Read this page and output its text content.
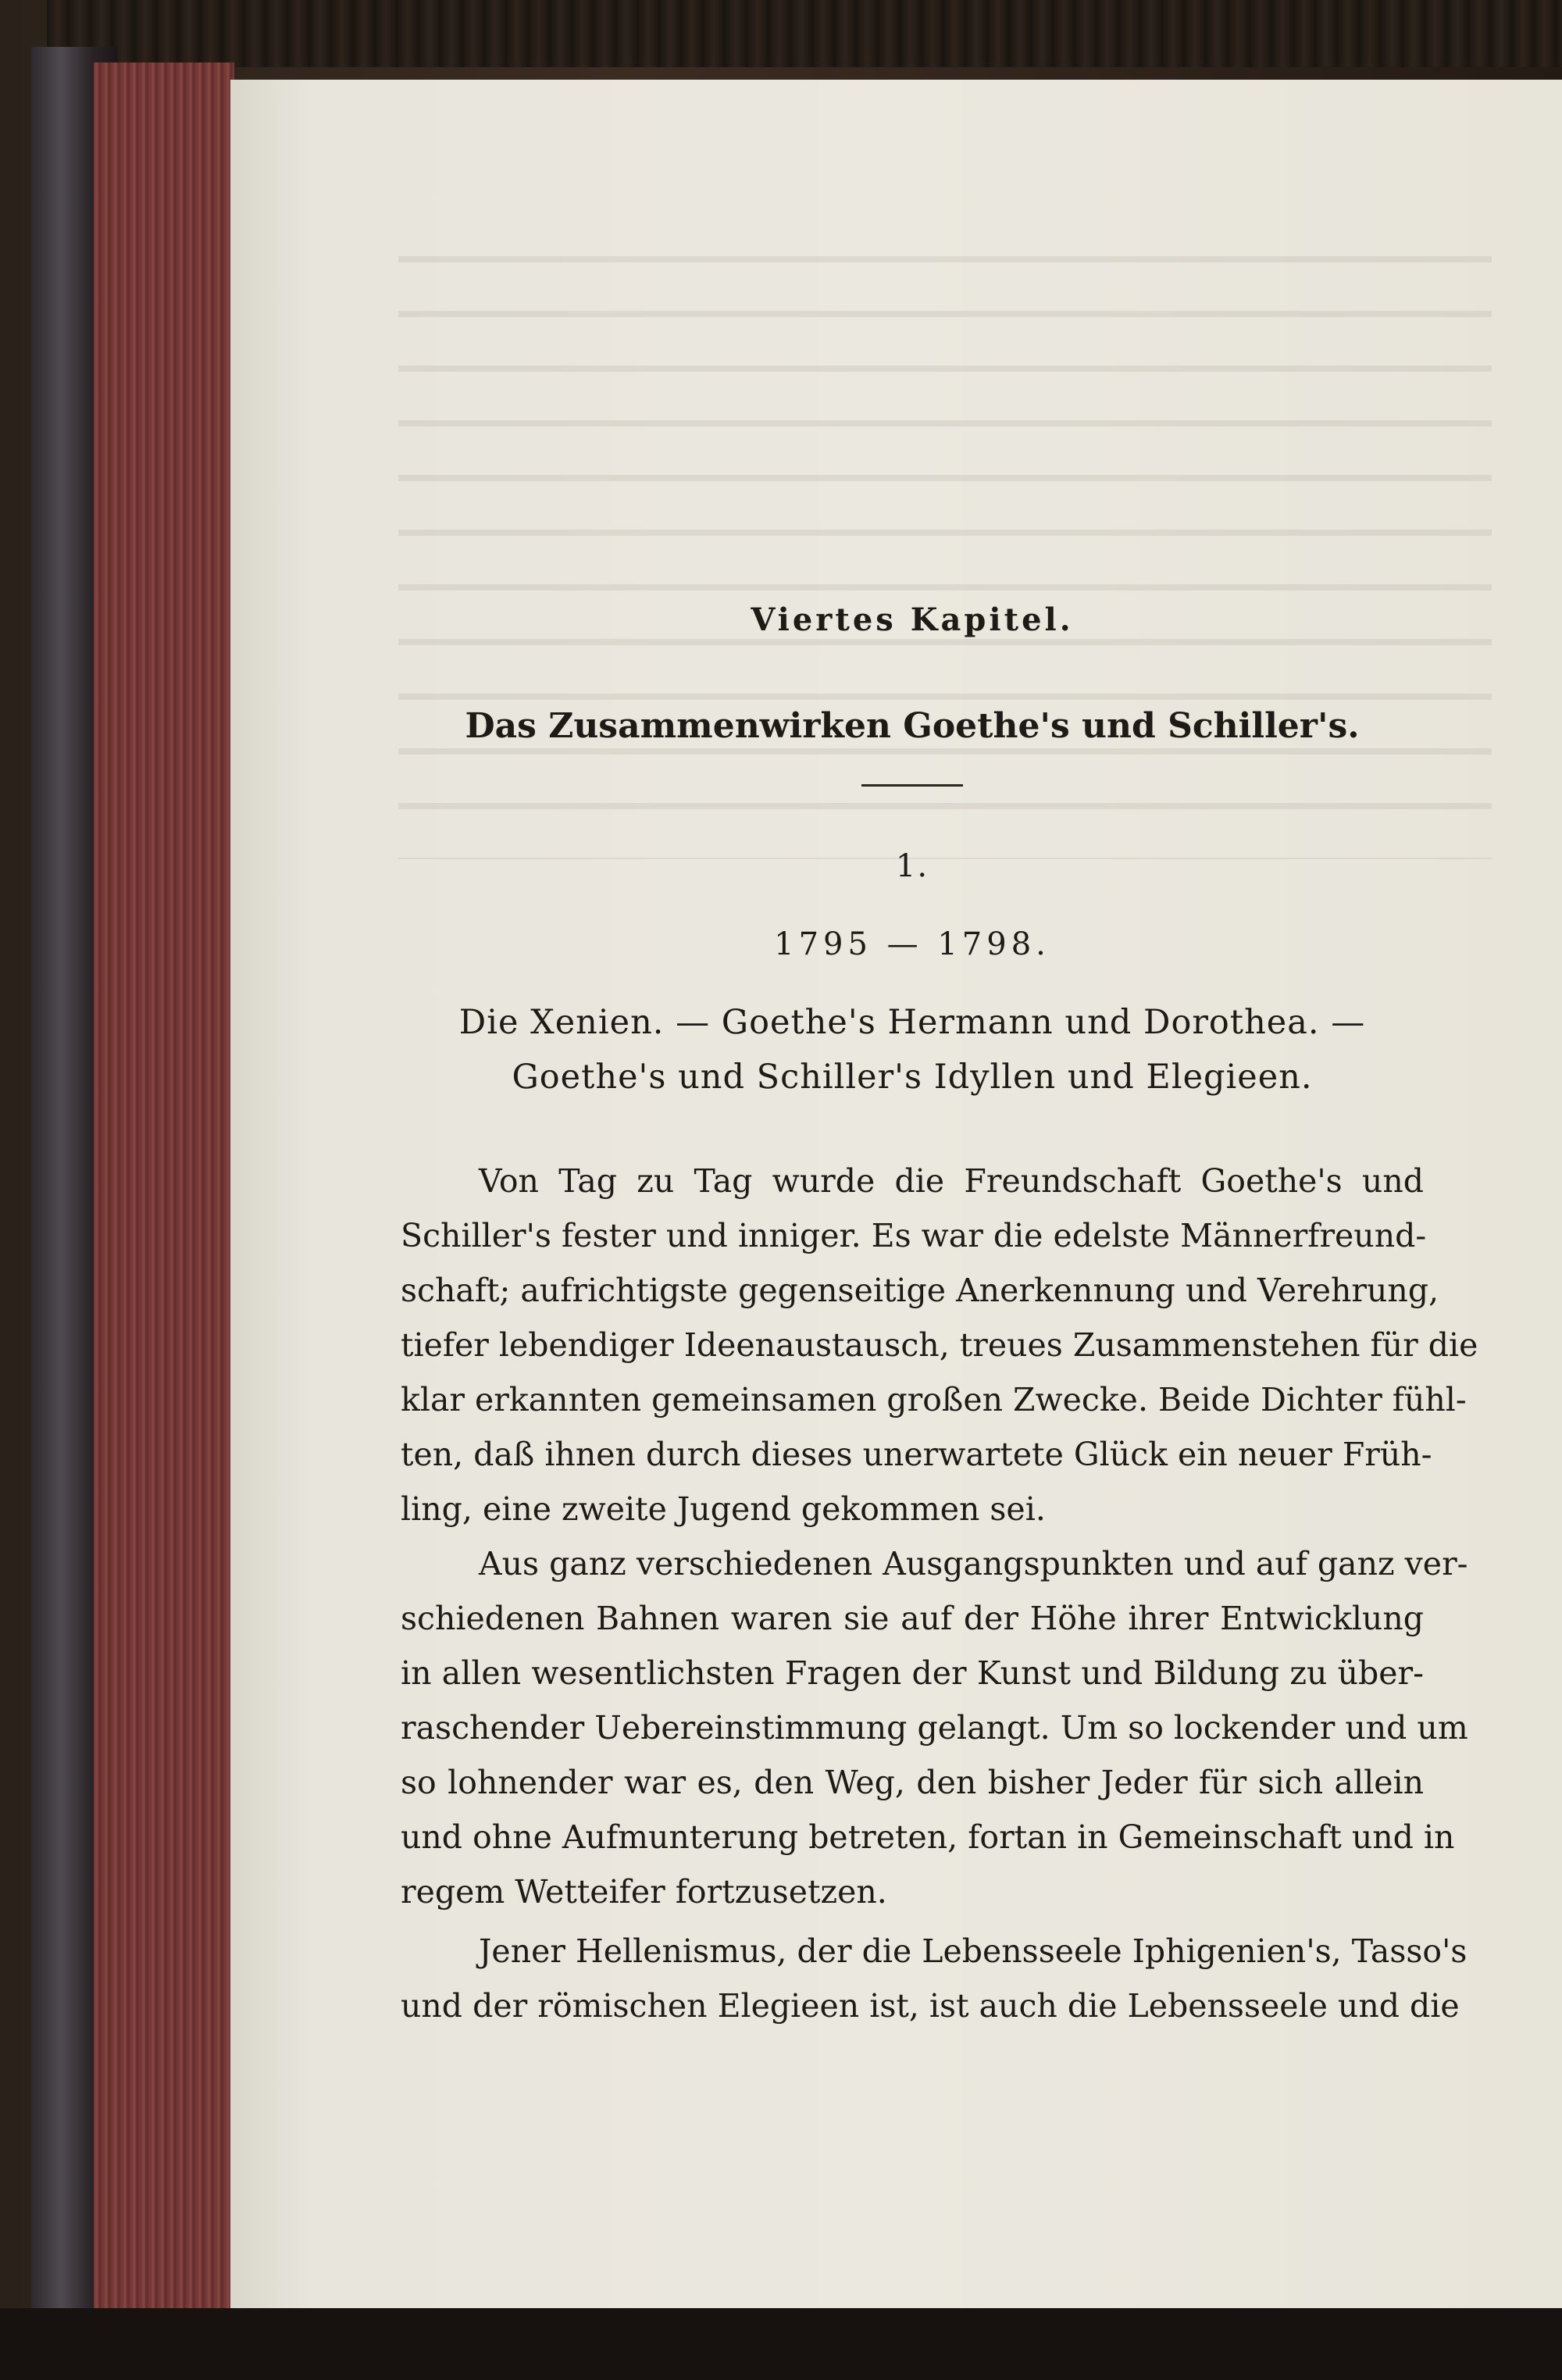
Viertes Kapitel.
Das Zusammenwirken Goethe's und Schiller's.
1.
1795 — 1798.
Die Xenien. — Goethe's Hermann und Dorothea. —
Goethe's und Schiller's Idyllen und Elegieen.
Von Tag zu Tag wurde die Freundschaft Goethe's und
Schiller's fester und inniger. Es war die edelste Männerfreund-
schaft; aufrichtigste gegenseitige Anerkennung und Verehrung,
tiefer lebendiger Ideenaustausch, treues Zusammenstehen für die
klar erkannten gemeinsamen großen Zwecke. Beide Dichter fühl-
ten, daß ihnen durch dieses unerwartete Glück ein neuer Früh-
ling, eine zweite Jugend gekommen sei.
Aus ganz verschiedenen Ausgangspunkten und auf ganz ver-
schiedenen Bahnen waren sie auf der Höhe ihrer Entwicklung
in allen wesentlichsten Fragen der Kunst und Bildung zu über-
raschender Uebereinstimmung gelangt. Um so lockender und um
so lohnender war es, den Weg, den bisher Jeder für sich allein
und ohne Aufmunterung betreten, fortan in Gemeinschaft und in
regem Wetteifer fortzusetzen.
Jener Hellenismus, der die Lebensseele Iphigenien's, Tasso's
und der römischen Elegieen ist, ist auch die Lebensseele und die
